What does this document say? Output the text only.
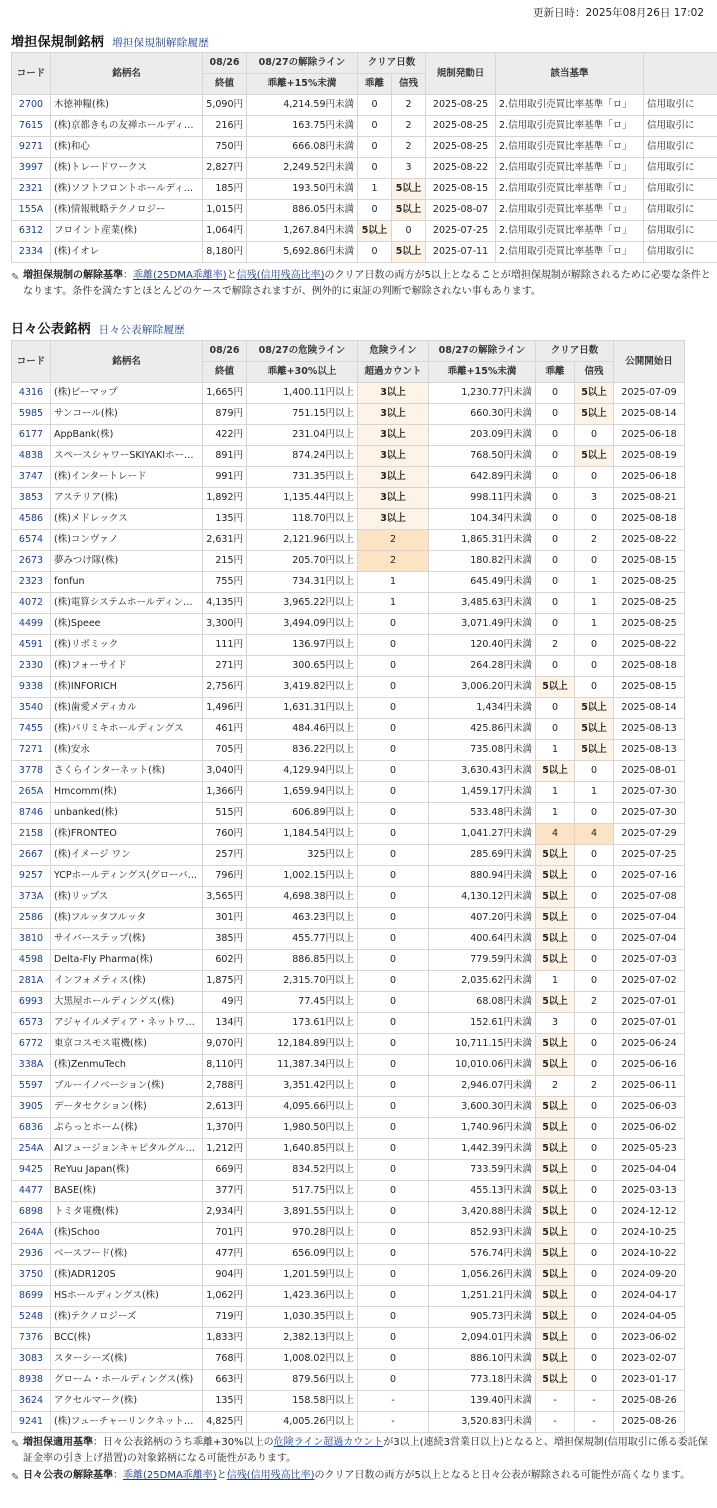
更新日時：2025年08月26日 17:02
増担保規制銘柄 増担保規制解除履歴
コード	銘柄名	08/26	08/27の解除ライン	クリア日数		規制発動日	該当基準	
		終値	乖離+15%未満	乖離	信残			
2700	木徳神糧(株)	5,090円	4,214.59円未満	0	2	2025-08-25	2.信用取引売買比率基準「ロ」	信用取引に
7615	(株)京都きもの友禅ホールディ…	216円	163.75円未満	0	2	2025-08-25	2.信用取引売買比率基準「ロ」	信用取引に
9271	(株)和心	750円	666.08円未満	0	2	2025-08-25	2.信用取引売買比率基準「ロ」	信用取引に
3997	(株)トレードワークス	2,827円	2,249.52円未満	0	3	2025-08-22	2.信用取引売買比率基準「ロ」	信用取引に
2321	(株)ソフトフロントホールディ…	185円	193.50円未満	1	5以上	2025-08-15	2.信用取引売買比率基準「ロ」	信用取引に
155A	(株)情報戦略テクノロジー	1,015円	886.05円未満	0	5以上	2025-08-07	2.信用取引売買比率基準「ロ」	信用取引に
6312	フロイント産業(株)	1,064円	1,267.84円未満	5以上	0	2025-07-25	2.信用取引売買比率基準「ロ」	信用取引に
2334	(株)イオレ	8,180円	5,692.86円未満	0	5以上	2025-07-11	2.信用取引売買比率基準「ロ」	信用取引に
✎ 増担保規制の解除基準：乖離(25DMA乖離率)と信残(信用残高比率)のクリア日数の両方が5以上となることが増担保規制が解除されるために必要な条件となります。条件を満たすとほとんどのケースで解除されますが、例外的に東証の判断で解除されない事もあります。
日々公表銘柄 日々公表解除履歴
コード	銘柄名	08/26	08/27の危険ライン	危険ライン	08/27の解除ライン	クリア日数		公開開始日
		終値	乖離+30%以上	超過カウント	乖離+15%未満	乖離	信残	
4316	(株)ビーマップ	1,665円	1,400.11円以上	3以上	1,230.77円未満	0	5以上	2025-07-09
5985	サンコール(株)	879円	751.15円以上	3以上	660.30円未満	0	5以上	2025-08-14
6177	AppBank(株)	422円	231.04円以上	3以上	203.09円未満	0	0	2025-06-18
4838	スペースシャワーSKIYAKIホー…	891円	874.24円以上	3以上	768.50円未満	0	5以上	2025-08-19
3747	(株)インタートレード	991円	731.35円以上	3以上	642.89円未満	0	0	2025-06-18
3853	アステリア(株)	1,892円	1,135.44円以上	3以上	998.11円未満	0	3	2025-08-21
4586	(株)メドレックス	135円	118.70円以上	3以上	104.34円未満	0	0	2025-08-18
6574	(株)コンヴァノ	2,631円	2,121.96円以上	2	1,865.31円未満	0	2	2025-08-22
2673	夢みつけ隊(株)	215円	205.70円以上	2	180.82円未満	0	0	2025-08-15
2323	fonfun	755円	734.31円以上	1	645.49円未満	0	1	2025-08-25
4072	(株)電算システムホールディン…	4,135円	3,965.22円以上	1	3,485.63円未満	0	1	2025-08-25
4499	(株)Speee	3,300円	3,494.09円以上	0	3,071.49円未満	0	1	2025-08-25
4591	(株)リボミック	111円	136.97円以上	0	120.40円未満	2	0	2025-08-22
2330	(株)フォーサイド	271円	300.65円以上	0	264.28円未満	0	0	2025-08-18
9338	(株)INFORICH	2,756円	3,419.82円以上	0	3,006.20円未満	5以上	0	2025-08-15
3540	(株)歯愛メディカル	1,496円	1,631.31円以上	0	1,434円未満	0	5以上	2025-08-14
7455	(株)パリミキホールディングス	461円	484.46円以上	0	425.86円未満	0	5以上	2025-08-13
7271	(株)安永	705円	836.22円以上	0	735.08円未満	1	5以上	2025-08-13
3778	さくらインターネット(株)	3,040円	4,129.94円以上	0	3,630.43円未満	5以上	0	2025-08-01
265A	Hmcomm(株)	1,366円	1,659.94円以上	0	1,459.17円未満	1	1	2025-07-30
8746	unbanked(株)	515円	606.89円以上	0	533.48円未満	1	0	2025-07-30
2158	(株)FRONTEO	760円	1,184.54円以上	0	1,041.27円未満	4	4	2025-07-29
2667	(株)イメージ ワン	257円	325円以上	0	285.69円未満	5以上	0	2025-07-25
9257	YCPホールディングス(グローバ…	796円	1,002.15円以上	0	880.94円未満	5以上	0	2025-07-16
373A	(株)リップス	3,565円	4,698.38円以上	0	4,130.12円未満	5以上	0	2025-07-08
2586	(株)フルッタフルッタ	301円	463.23円以上	0	407.20円未満	5以上	0	2025-07-04
3810	サイバーステップ(株)	385円	455.77円以上	0	400.64円未満	5以上	0	2025-07-04
4598	Delta-Fly Pharma(株)	602円	886.85円以上	0	779.59円未満	5以上	0	2025-07-03
281A	インフォメティス(株)	1,875円	2,315.70円以上	0	2,035.62円未満	1	0	2025-07-02
6993	大黒屋ホールディングス(株)	49円	77.45円以上	0	68.08円未満	5以上	2	2025-07-01
6573	アジャイルメディア・ネットワ…	134円	173.61円以上	0	152.61円未満	3	0	2025-07-01
6772	東京コスモス電機(株)	9,070円	12,184.89円以上	0	10,711.15円未満	5以上	0	2025-06-24
338A	(株)ZenmuTech	8,110円	11,387.34円以上	0	10,010.06円未満	5以上	0	2025-06-16
5597	ブルーイノベーション(株)	2,788円	3,351.42円以上	0	2,946.07円未満	2	2	2025-06-11
3905	データセクション(株)	2,613円	4,095.66円以上	0	3,600.30円未満	5以上	0	2025-06-03
6836	ぷらっとホーム(株)	1,370円	1,980.50円以上	0	1,740.96円未満	5以上	0	2025-06-02
254A	AIフュージョンキャピタルグル…	1,212円	1,640.85円以上	0	1,442.39円未満	5以上	0	2025-05-23
9425	ReYuu Japan(株)	669円	834.52円以上	0	733.59円未満	5以上	0	2025-04-04
4477	BASE(株)	377円	517.75円以上	0	455.13円未満	5以上	0	2025-03-13
6898	トミタ電機(株)	2,934円	3,891.55円以上	0	3,420.88円未満	5以上	0	2024-12-12
264A	(株)Schoo	701円	970.28円以上	0	852.93円未満	5以上	0	2024-10-25
2936	ベースフード(株)	477円	656.09円以上	0	576.74円未満	5以上	0	2024-10-22
3750	(株)ADR120S	904円	1,201.59円以上	0	1,056.26円未満	5以上	0	2024-09-20
8699	HSホールディングス(株)	1,062円	1,423.36円以上	0	1,251.21円未満	5以上	0	2024-04-17
5248	(株)テクノロジーズ	719円	1,030.35円以上	0	905.73円未満	5以上	0	2024-04-05
7376	BCC(株)	1,833円	2,382.13円以上	0	2,094.01円未満	5以上	0	2023-06-02
3083	スターシーズ(株)	768円	1,008.02円以上	0	886.10円未満	5以上	0	2023-02-07
8938	グローム・ホールディングス(株)	663円	879.56円以上	0	773.18円未満	5以上	0	2023-01-17
3624	アクセルマーク(株)	135円	158.58円以上	-	139.40円未満	-	-	2025-08-26
9241	(株)フューチャーリンクネット…	4,825円	4,005.26円以上	-	3,520.83円未満	-	-	2025-08-26
✎ 増担保適用基準：日々公表銘柄のうち乖離+30%以上の危険ライン超過カウントが3以上(連続3営業日以上)となると、増担保規制(信用取引に係る委託保証金率の引き上げ措置)の対象銘柄になる可能性があります。
✎ 日々公表の解除基準：乖離(25DMA乖離率)と信残(信用残高比率)のクリア日数の両方が5以上となると日々公表が解除される可能性が高くなります。
